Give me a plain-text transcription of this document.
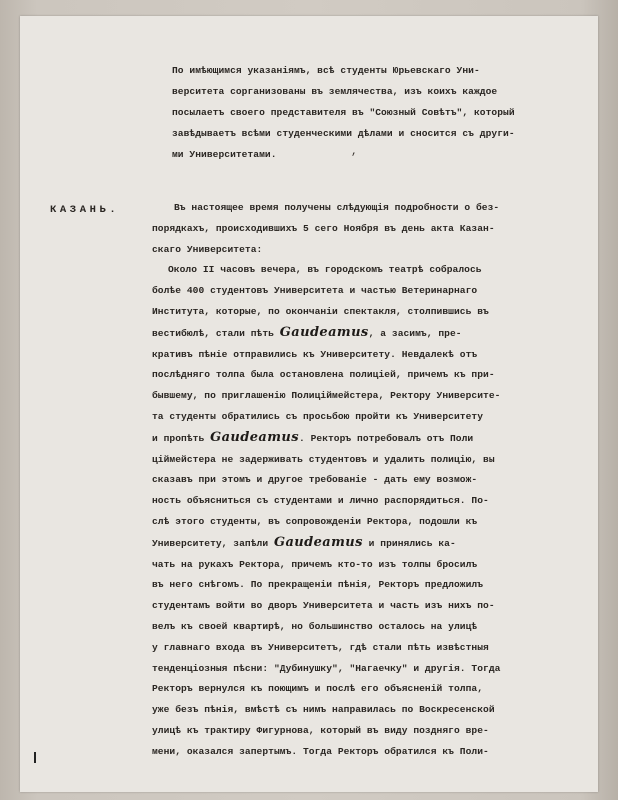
По имѣющимся указаніямъ, всѣ студенты Юрьевскаго Уни-
верситета сорганизованы въ землячества, изъ коихъ каждое
посылаетъ своего представителя въ "Союзный Совѣтъ", который
завѣдываетъ всѣми студенческими дѣлами и сносится съ други-
ми Университетами.	,
КАЗАНЬ.	Въ настоящее время получены слѣдующія подробности о без-
порядкахъ, происходившихъ 5 сего Ноября въ день акта Казан-
скаго Университета:
Около II часовъ вечера, въ городскомъ театрѣ собралось
болѣе 400 студентовъ Университета и частью Ветеринарнаго
Института, которые, по окончаніи спектакля, столпившись въ
вестибюлѣ, стали пѣть Gaudeamus, а засимъ, пре-
кративъ пѣніе отправились къ Университету. Невдалекѣ отъ
послѣдняго толпа была остановлена полиціей, причемъ къ при-
бывшему, по приглашенію Полиціймейстера, Ректору Университе-
та студенты обратились съ просьбою пройти къ Университету
и пропѣть Gaudeamus. Ректоръ потребовалъ отъ Поли
ціймейстера не задерживать студентовъ и удалить полицію, вы
сказавъ при этомъ и другое требованіе - дать ему возмож-
ность объясниться съ студентами и лично распорядиться. По-
слѣ этого студенты, въ сопровожденіи Ректора, подошли къ
Университету, запѣли Gaudeamus и принялись ка-
чать на рукахъ Ректора, причемъ кто-то изъ толпы бросилъ
въ него снѣгомъ. По прекращеніи пѣнія, Ректоръ предложилъ
студентамъ войти во дворъ Университета и часть изъ нихъ по-
велъ къ своей квартирѣ, но большинство осталось на улицѣ
у главнаго входа въ Университетъ, гдѣ стали пѣть извѣстныя
тенденціозныя пѣсни: "Дубинушку", "Нагаечку" и другія. Тогда
Ректоръ вернулся къ поющимъ и послѣ его объясненій толпа,
уже безъ пѣнія, вмѣстѣ съ нимъ направилась по Воскресенской
улицѣ къ трактиру Фигурнова, который въ виду поздняго вре-
мени, оказался запертымъ. Тогда Ректоръ обратился къ Поли-
